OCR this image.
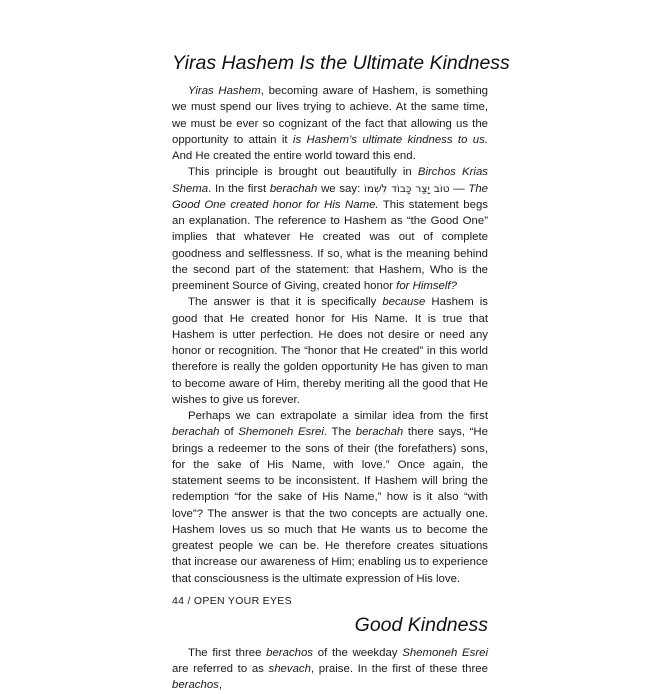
Yiras Hashem Is the Ultimate Kindness

Yiras Hashem, becoming aware of Hashem, is something we must spend our lives trying to achieve. At the same time, we must be ever so cognizant of the fact that allowing us the opportunity to attain it is Hashem’s ultimate kindness to us. And He created the entire world toward this end.

This principle is brought out beautifully in Birchos Krias Shema. In the first berachah we say: טוֹב יָצַר כָּבוֹד לִשְׁמוֹ — The Good One created honor for His Name. This statement begs an explanation. The reference to Hashem as “the Good One” implies that whatever He created was out of complete goodness and selflessness. If so, what is the meaning behind the second part of the statement: that Hashem, Who is the preeminent Source of Giving, created honor for Himself?

The answer is that it is specifically because Hashem is good that He created honor for His Name. It is true that Hashem is utter perfection. He does not desire or need any honor or recognition. The “honor that He created” in this world therefore is really the golden opportunity He has given to man to become aware of Him, thereby meriting all the good that He wishes to give us forever.

Perhaps we can extrapolate a similar idea from the first berachah of Shemoneh Esrei. The berachah there says, “He brings a redeemer to the sons of their (the forefathers) sons, for the sake of His Name, with love.” Once again, the statement seems to be inconsistent. If Hashem will bring the redemption “for the sake of His Name,” how is it also “with love”? The answer is that the two concepts are actually one. Hashem loves us so much that He wants us to become the greatest people we can be. He therefore creates situations that increase our awareness of Him; enabling us to experience that consciousness is the ultimate expression of His love.

Good Kindness

The first three berachos of the weekday Shemoneh Esrei are referred to as shevach, praise. In the first of these three berachos,

44 / OPEN YOUR EYES
